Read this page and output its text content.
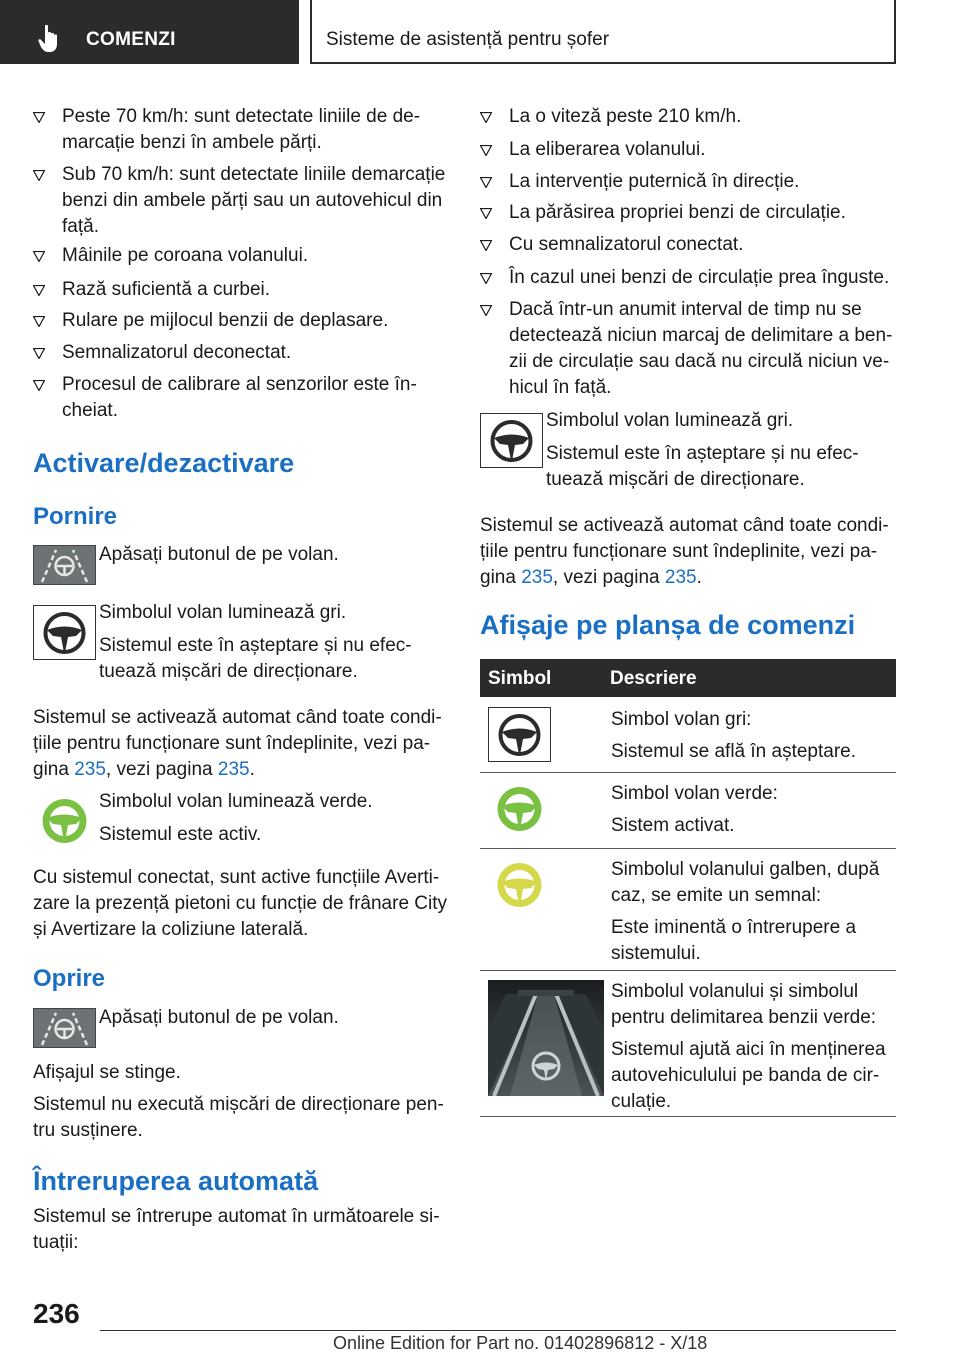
COMENZI	Sisteme de asistență pentru șofer
Peste 70 km/h: sunt detectate liniile de de-
marcație benzi în ambele părți.
Sub 70 km/h: sunt detectate liniile demarcație
benzi din ambele părți sau un autovehicul din
față.
Mâinile pe coroana volanului.
Rază suficientă a curbei.
Rulare pe mijlocul benzii de deplasare.
Semnalizatorul deconectat.
Procesul de calibrare al senzorilor este în-
cheiat.
Activare/dezactivare
Pornire
Apăsați butonul de pe volan.
Simbolul volan luminează gri.
Sistemul este în așteptare și nu efec-
tuează mișcări de direcționare.
Sistemul se activează automat când toate condi-
țiile pentru funcționare sunt îndeplinite, vezi pa-
gina 235, vezi pagina 235.
Simbolul volan luminează verde.
Sistemul este activ.
Cu sistemul conectat, sunt active funcțiile Averti-
zare la prezență pietoni cu funcție de frânare City
și Avertizare la coliziune laterală.
Oprire
Apăsați butonul de pe volan.
Afișajul se stinge.
Sistemul nu execută mișcări de direcționare pen-
tru susținere.
Întreruperea automată
Sistemul se întrerupe automat în următoarele si-
tuații:
La o viteză peste 210 km/h.
La eliberarea volanului.
La intervenție puternică în direcție.
La părăsirea propriei benzi de circulație.
Cu semnalizatorul conectat.
În cazul unei benzi de circulație prea înguste.
Dacă într-un anumit interval de timp nu se
detectează niciun marcaj de delimitare a ben-
zii de circulație sau dacă nu circulă niciun ve-
hicul în față.
Simbolul volan luminează gri.
Sistemul este în așteptare și nu efec-
tuează mișcări de direcționare.
Sistemul se activează automat când toate condi-
țiile pentru funcționare sunt îndeplinite, vezi pa-
gina 235, vezi pagina 235.
Afișaje pe planșa de comenzi
Simbol	Descriere
Simbol volan gri:
Sistemul se află în așteptare.
Simbol volan verde:
Sistem activat.
Simbolul volanului galben, după
caz, se emite un semnal:
Este iminentă o întrerupere a
sistemului.
Simbolul volanului și simbolul
pentru delimitarea benzii verde:
Sistemul ajută aici în menținerea
autovehiculului pe banda de cir-
culație.
236
Online Edition for Part no. 01402896812 - X/18
